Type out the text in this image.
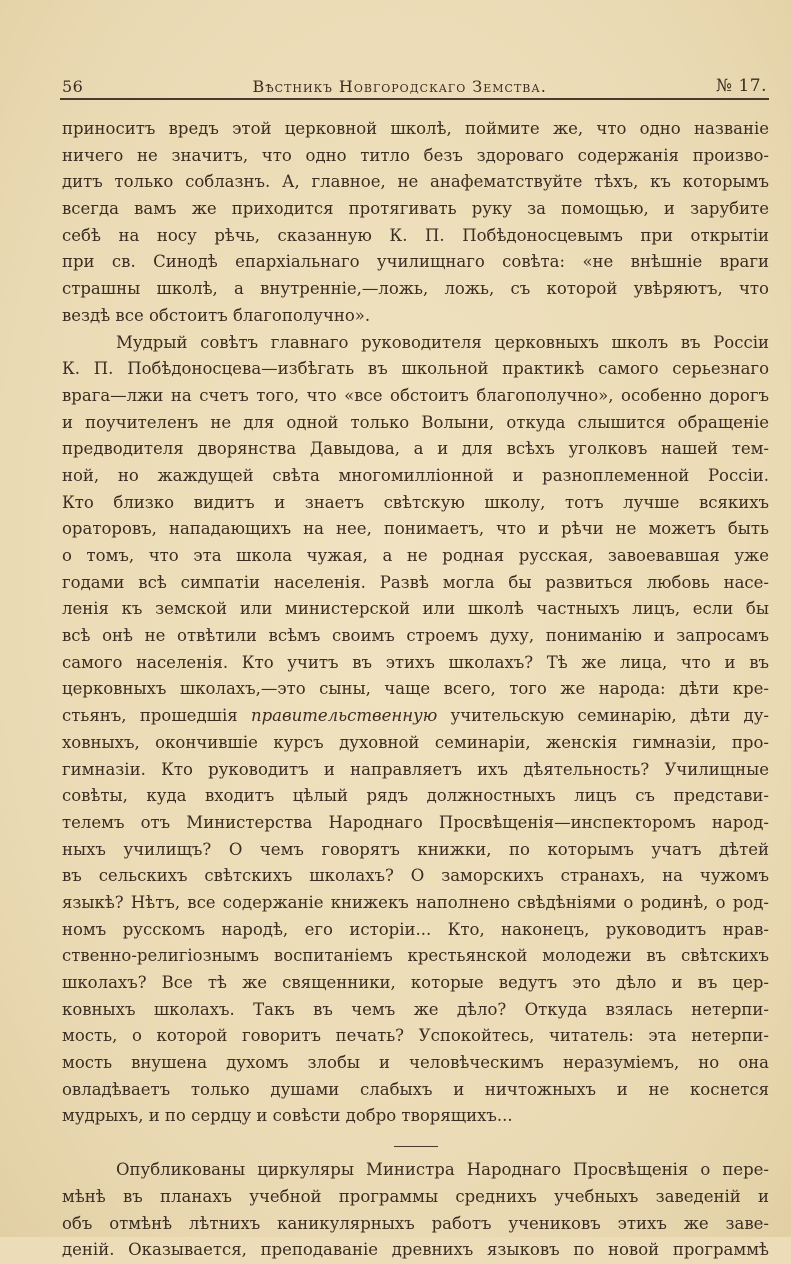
56	Вѣстникъ Новгородскаго Земства.	№ 17.
приноситъ вредъ этой церковной школѣ, поймите же, что одно названіе
ничего не значитъ, что одно титло безъ здороваго содержанія произво-
дитъ только соблазнъ. А, главное, не анафематствуйте тѣхъ, къ которымъ
всегда вамъ же приходится протягивать руку за помощью, и зарубите
себѣ на носу рѣчь, сказанную К. П. Побѣдоносцевымъ при открытіи
при св. Синодѣ епархіальнаго училищнаго совѣта: «не внѣшніе враги
страшны школѣ, а внутренніе,—ложь, ложь, съ которой увѣряютъ, что
вездѣ все обстоитъ благополучно».
Мудрый совѣтъ главнаго руководителя церковныхъ школъ въ Россіи
К. П. Побѣдоносцева—избѣгать въ школьной практикѣ самого серьезнаго
врага—лжи на счетъ того, что «все обстоитъ благополучно», особенно дорогъ
и поучителенъ не для одной только Волыни, откуда слышится обращеніе
предводителя дворянства Давыдова, а и для всѣхъ уголковъ нашей тем-
ной, но жаждущей свѣта многомилліонной и разноплеменной Россіи.
Кто близко видитъ и знаетъ свѣтскую школу, тотъ лучше всякихъ
ораторовъ, нападающихъ на нее, понимаетъ, что и рѣчи не можетъ быть
о томъ, что эта школа чужая, а не родная русская, завоевавшая уже
годами всѣ симпатіи населенія. Развѣ могла бы развиться любовь насе-
ленія къ земской или министерской или школѣ частныхъ лицъ, если бы
всѣ онѣ не отвѣтили всѣмъ своимъ строемъ духу, пониманію и запросамъ
самого населенія. Кто учитъ въ этихъ школахъ? Тѣ же лица, что и въ
церковныхъ школахъ,—это сыны, чаще всего, того же народа: дѣти кре-
стьянъ, прошедшія правительственную учительскую семинарію, дѣти ду-
ховныхъ, окончившіе курсъ духовной семинаріи, женскія гимназіи, про-
гимназіи. Кто руководитъ и направляетъ ихъ дѣятельность? Училищные
совѣты, куда входитъ цѣлый рядъ должностныхъ лицъ съ представи-
телемъ отъ Министерства Народнаго Просвѣщенія—инспекторомъ народ-
ныхъ училищъ? О чемъ говорятъ книжки, по которымъ учатъ дѣтей
въ сельскихъ свѣтскихъ школахъ? О заморскихъ странахъ, на чужомъ
языкѣ? Нѣтъ, все содержаніе книжекъ наполнено свѣдѣніями о родинѣ, о род-
номъ русскомъ народѣ, его исторіи... Кто, наконецъ, руководитъ нрав-
ственно-религіознымъ воспитаніемъ крестьянской молодежи въ свѣтскихъ
школахъ? Все тѣ же священники, которые ведутъ это дѣло и въ цер-
ковныхъ школахъ. Такъ въ чемъ же дѣло? Откуда взялась нетерпи-
мость, о которой говоритъ печать? Успокойтесь, читатель: эта нетерпи-
мость внушена духомъ злобы и человѣческимъ неразуміемъ, но она
овладѣваетъ только душами слабыхъ и ничтожныхъ и не коснется
мудрыхъ, и по сердцу и совѣсти добро творящихъ...
Опубликованы циркуляры Министра Народнаго Просвѣщенія о пере-
мѣнѣ въ планахъ учебной программы среднихъ учебныхъ заведеній и
объ отмѣнѣ лѣтнихъ каникулярныхъ работъ учениковъ этихъ же заве-
деній. Оказывается, преподаваніе древнихъ языковъ по новой программѣ
